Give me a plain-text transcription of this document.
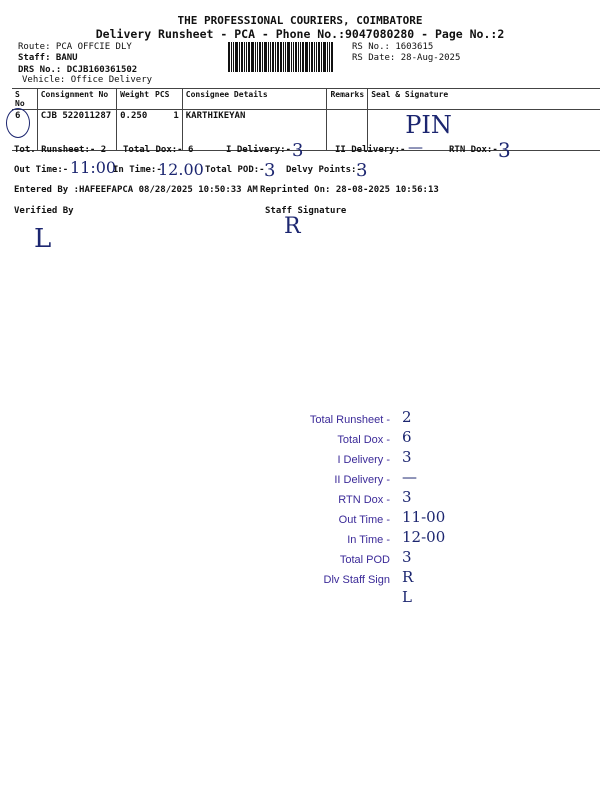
THE PROFESSIONAL COURIERS, COIMBATORE
Delivery Runsheet - PCA - Phone No.:9047080280 - Page No.:2
Route: PCA OFFCIE DLY
Staff: BANU
DRS No.: DCJB160361502
Vehicle: Office Delivery
RS No.: 1603615
RS Date: 28-Aug-2025
S No	Consignment No	Weight	PCS	Consignee Details	Remarks	Seal & Signature
6	CJB 522011287	0.250	1	KARTHIKEYAN		PIN
Tot. Runsheet:- 2 Total Dox:- 6	I Delivery:- 3	II Delivery:- —	RTN Dox:- 3
Out Time:- 11:00
In Time:-
12.00 Total POD:- 3 Delvy Points:-
3
Entered By :HAFEEFAPCA 08/28/2025 10:50:33 AM Reprinted On: 28-08-2025 10:56:13
Verified By	Staff Signature
L	R
Total Runsheet - 2
Total Dox - 6
I Delivery - 3
II Delivery - —
RTN Dox - 3
Out Time - 11-00
In Time - 12-00
Total POD 3
Dlv Staff Sign R
L
